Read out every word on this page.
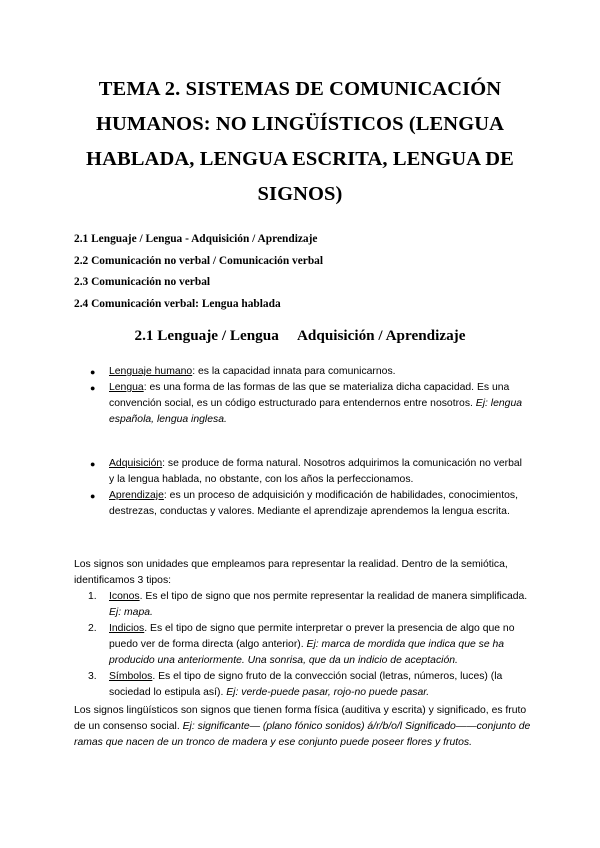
TEMA 2. SISTEMAS DE COMUNICACIÓN
HUMANOS: NO LINGÜÍSTICOS (LENGUA
HABLADA, LENGUA ESCRITA, LENGUA DE
SIGNOS)
2.1 Lenguaje / Lengua - Adquisición / Aprendizaje
2.2 Comunicación no verbal / Comunicación verbal
2.3 Comunicación no verbal
2.4 Comunicación verbal: Lengua hablada
2.1 Lenguaje / Lengua     Adquisición / Aprendizaje
● Lenguaje humano: es la capacidad innata para comunicarnos.
● Lengua: es una forma de las formas de las que se materializa dicha capacidad. Es una convención social, es un código estructurado para entendernos entre nosotros. Ej: lengua española, lengua inglesa.
● Adquisición: se produce de forma natural. Nosotros adquirimos la comunicación no verbal y la lengua hablada, no obstante, con los años la perfeccionamos.
● Aprendizaje: es un proceso de adquisición y modificación de habilidades, conocimientos, destrezas, conductas y valores. Mediante el aprendizaje aprendemos la lengua escrita.
Los signos son unidades que empleamos para representar la realidad. Dentro de la semiótica, identificamos 3 tipos:
1. Iconos. Es el tipo de signo que nos permite representar la realidad de manera simplificada. Ej: mapa.
2. Indicios. Es el tipo de signo que permite interpretar o prever la presencia de algo que no puedo ver de forma directa (algo anterior). Ej: marca de mordida que indica que se ha producido una anteriormente. Una sonrisa, que da un indicio de aceptación.
3. Símbolos. Es el tipo de signo fruto de la convección social (letras, números, luces) (la sociedad lo estipula así). Ej: verde-puede pasar, rojo-no puede pasar.
Los signos lingüísticos son signos que tienen forma física (auditiva y escrita) y significado, es fruto de un consenso social. Ej: significante— (plano fónico sonidos) á/r/b/o/l Significado——conjunto de ramas que nacen de un tronco de madera y ese conjunto puede poseer flores y frutos.
